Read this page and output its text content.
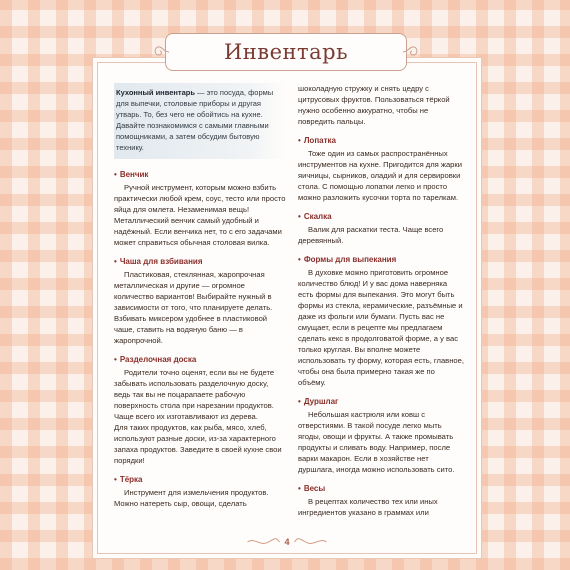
Кухонный инвентарь — это посуда, формы для выпечки, столовые приборы и другая утварь. То, без чего не обойтись на кухне. Давайте познакомимся с самыми главными помощниками, а затем обсудим бытовую технику.
• Венчик

Ручной инструмент, которым можно взбить практически любой крем, соус, тесто или просто яйца для омлета. Незаменимая вещь! Металлический венчик самый удобный и надёжный. Если венчика нет, то с его задачами может справиться обычная столовая вилка.

• Чаша для взбивания

Пластиковая, стеклянная, жаропрочная металлическая и другие — огромное количество вариантов! Выбирайте нужный в зависимости от того, что планируете делать. Взбивать миксером удобнее в пластиковой чаше, ставить на водяную баню — в жаропрочной.

• Разделочная доска

Родители точно оценят, если вы не будете забывать использовать разделочную доску, ведь так вы не поцарапаете рабочую поверхность стола при нарезании продуктов. Чаще всего их изготавливают из дерева.

Для таких продуктов, как рыба, мясо, хлеб, используют разные доски, из-за характерного запаха продуктов. Заведите в своей кухне свои порядки!

• Тёрка

Инструмент для измельчения продуктов. Можно натереть сыр, овощи, сделать

шоколадную стружку и снять цедру с цитрусовых фруктов. Пользоваться тёркой нужно особенно аккуратно, чтобы не повредить пальцы.

• Лопатка

Тоже один из самых распространённых инструментов на кухне. Пригодится для жарки яичницы, сырников, оладий и для сервировки стола. С помощью лопатки легко и просто можно разложить кусочки торта по тарелкам.

• Скалка

Валик для раскатки теста. Чаще всего деревянный.

• Формы для выпекания

В духовке можно приготовить огромное количество блюд! И у вас дома наверняка есть формы для выпекания. Это могут быть формы из стекла, керамические, разъёмные и даже из фольги или бумаги. Пусть вас не смущает, если в рецепте мы предлагаем сделать кекс в продолговатой форме, а у вас только круглая. Вы вполне можете использовать ту форму, которая есть, главное, чтобы она была примерно такая же по объёму.

• Дуршлаг

Небольшая кастрюля или ковш с отверстиями. В такой посуде легко мыть ягоды, овощи и фрукты. А также промывать продукты и сливать воду. Например, после варки макарон. Если в хозяйстве нет дуршлага, иногда можно использовать сито.

• Весы

В рецептах количество тех или иных ингредиентов указано в граммах или

4
Инвентарь
